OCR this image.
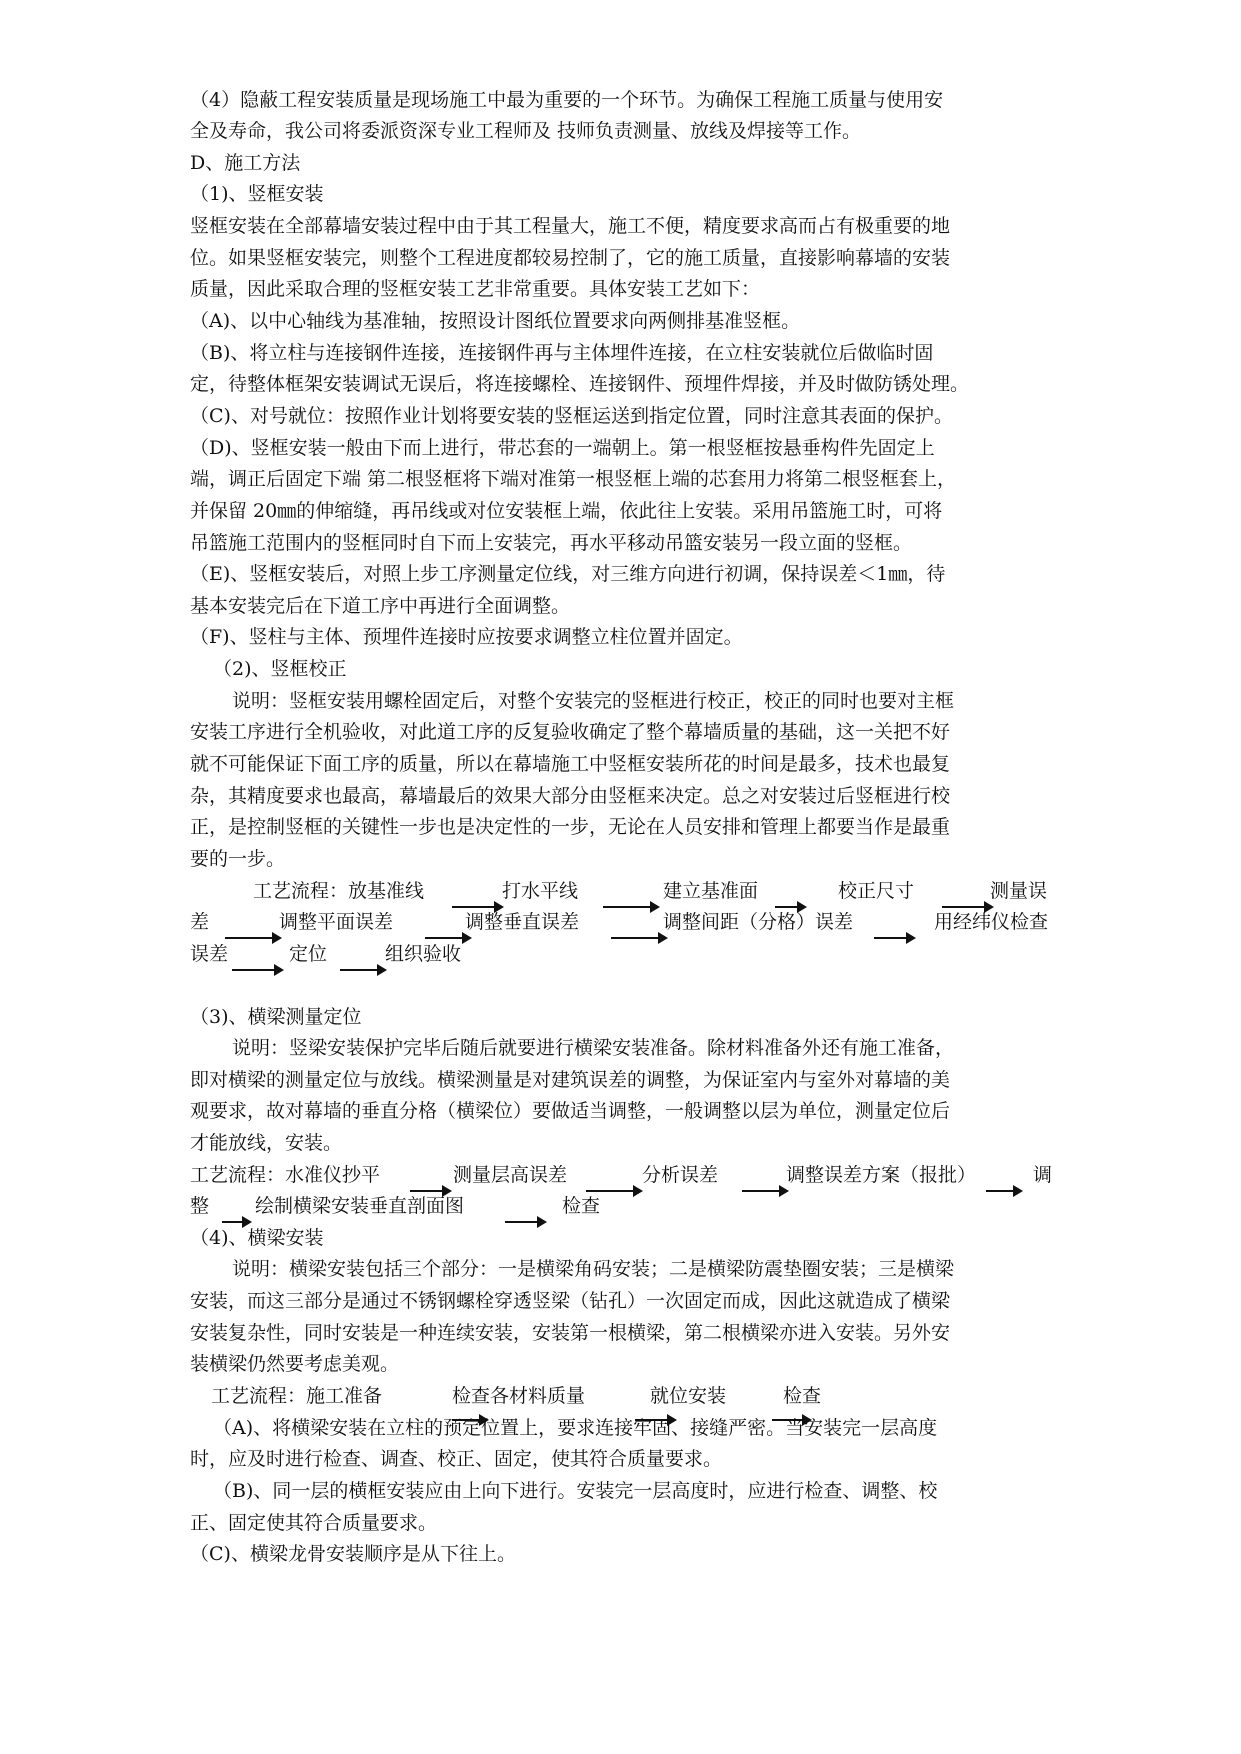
（4）隐蔽工程安装质量是现场施工中最为重要的一个环节。为确保工程施工质量与使用安
全及寿命，我公司将委派资深专业工程师及 技师负责测量、放线及焊接等工作。
D、施工方法
（1)、竖框安装
竖框安装在全部幕墙安装过程中由于其工程量大，施工不便，精度要求高而占有极重要的地
位。如果竖框安装完，则整个工程进度都较易控制了，它的施工质量，直接影响幕墙的安装
质量，因此采取合理的竖框安装工艺非常重要。具体安装工艺如下：
（A)、以中心轴线为基准轴，按照设计图纸位置要求向两侧排基准竖框。
（B)、将立柱与连接钢件连接，连接钢件再与主体埋件连接，在立柱安装就位后做临时固
定，待整体框架安装调试无误后，将连接螺栓、连接钢件、预埋件焊接，并及时做防锈处理。
（C)、对号就位：按照作业计划将要安装的竖框运送到指定位置，同时注意其表面的保护。
（D)、竖框安装一般由下而上进行，带芯套的一端朝上。第一根竖框按悬垂构件先固定上
端，调正后固定下端 第二根竖框将下端对准第一根竖框上端的芯套用力将第二根竖框套上，
并保留 20㎜的伸缩缝，再吊线或对位安装框上端，依此往上安装。采用吊篮施工时，可将
吊篮施工范围内的竖框同时自下而上安装完，再水平移动吊篮安装另一段立面的竖框。
（E)、竖框安装后，对照上步工序测量定位线，对三维方向进行初调，保持误差＜1㎜，待
基本安装完后在下道工序中再进行全面调整。
（F)、竖柱与主体、预埋件连接时应按要求调整立柱位置并固定。
（2)、竖框校正
说明：竖框安装用螺栓固定后，对整个安装完的竖框进行校正，校正的同时也要对主框
安装工序进行全机验收，对此道工序的反复验收确定了整个幕墙质量的基础，这一关把不好
就不可能保证下面工序的质量，所以在幕墙施工中竖框安装所花的时间是最多，技术也最复
杂，其精度要求也最高，幕墙最后的效果大部分由竖框来决定。总之对安装过后竖框进行校
正，是控制竖框的关键性一步也是决定性的一步，无论在人员安排和管理上都要当作是最重
要的一步。
（3)、横梁测量定位
说明：竖梁安装保护完毕后随后就要进行横梁安装准备。除材料准备外还有施工准备，
即对横梁的测量定位与放线。横梁测量是对建筑误差的调整，为保证室内与室外对幕墙的美
观要求，故对幕墙的垂直分格（横梁位）要做适当调整，一般调整以层为单位，测量定位后
才能放线，安装。
（4)、横梁安装
说明：横梁安装包括三个部分：一是横梁角码安装；二是横梁防震垫圈安装；三是横梁
安装，而这三部分是通过不锈钢螺栓穿透竖梁（钻孔）一次固定而成，因此这就造成了横梁
安装复杂性，同时安装是一种连续安装，安装第一根横梁，第二根横梁亦进入安装。另外安
装横梁仍然要考虑美观。
（A)、将横梁安装在立柱的预定位置上，要求连接牢固、接缝严密。当安装完一层高度
时，应及时进行检查、调查、校正、固定，使其符合质量要求。
（B)、同一层的横框安装应由上向下进行。安装完一层高度时，应进行检查、调整、校
正、固定使其符合质量要求。
（C)、横梁龙骨安装顺序是从下往上。
工艺流程：放基准线	打水平线	建立基准面	校正尺寸	测量误
差	调整平面误差	调整垂直误差	调整间距（分格）误差	用经纬仪检查
误差	定位	组织验收
工艺流程：水准仪抄平	测量层高误差	分析误差	调整误差方案（报批）	调
整 绘制横梁安装垂直剖面图	检查
工艺流程：施工准备	检查各材料质量	就位安装	检查
